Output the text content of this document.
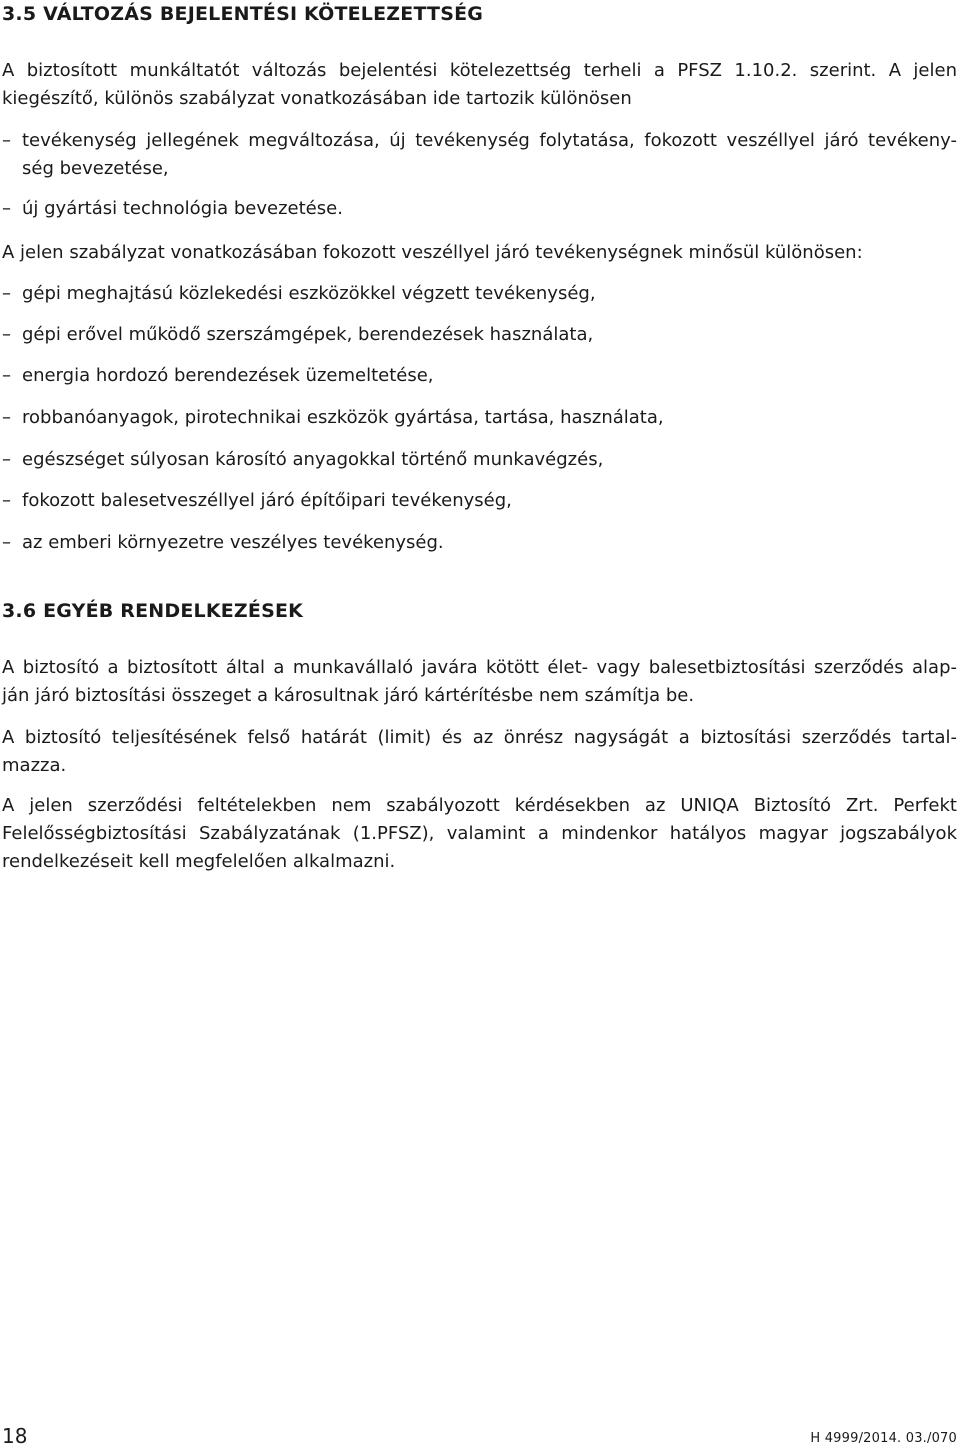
3.5 VÁLTOZÁS BEJELENTÉSI KÖTELEZETTSÉG
A biztosított munkáltatót változás bejelentési kötelezettség terheli a PFSZ 1.10.2. szerint. A jelen
kiegészítő, különös szabályzat vonatkozásában ide tartozik különösen
– tevékenység jellegének megváltozása, új tevékenység folytatása, fokozott veszéllyel járó tevékeny-
ség bevezetése,
– új gyártási technológia bevezetése.
A jelen szabályzat vonatkozásában fokozott veszéllyel járó tevékenységnek minősül különösen:
– gépi meghajtású közlekedési eszközökkel végzett tevékenység,
– gépi erővel működő szerszámgépek, berendezések használata,
– energia hordozó berendezések üzemeltetése,
– robbanóanyagok, pirotechnikai eszközök gyártása, tartása, használata,
– egészséget súlyosan károsító anyagokkal történő munkavégzés,
– fokozott balesetveszéllyel járó építőipari tevékenység,
– az emberi környezetre veszélyes tevékenység.
3.6 EGYÉB RENDELKEZÉSEK
A biztosító a biztosított által a munkavállaló javára kötött élet- vagy balesetbiztosítási szerződés alap-
ján járó biztosítási összeget a károsultnak járó kártérítésbe nem számítja be.
A biztosító teljesítésének felső határát (limit) és az önrész nagyságát a biztosítási szerződés tartal-
mazza.
A jelen szerződési feltételekben nem szabályozott kérdésekben az UNIQA Biztosító Zrt. Perfekt
Felelősségbiztosítási Szabályzatának (1.PFSZ), valamint a mindenkor hatályos magyar jogszabályok
rendelkezéseit kell megfelelően alkalmazni.
18	H 4999/2014. 03./070
